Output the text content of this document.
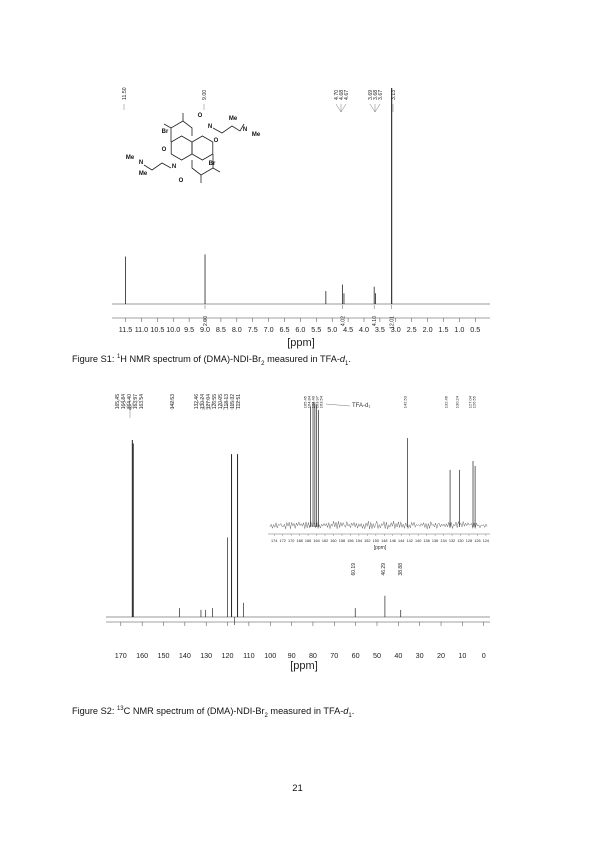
O
O
O
O
N
N
Br
Br
N
Me
Me
N
Me
Me
11.50	9.00	4.70 4.68 4.67	3.69 3.68 3.67 3.13
2.00	4.02	4.10 12.01
11.5 11.0 10.5 10.0 9.5 9.0 8.5 8.0 7.5 7.0 6.5 6.0 5.5 5.0 4.5 4.0 3.5 3.0 2.5 2.0 1.5 1.0 0.5
[ppm]
165.45 164.84 164.40 163.97 163.54	142.53	132.46 130.24 127.04 126.55 120.05 118.13 115.32 112.51
60.19	46.29 38.88
170 160 150 140 130 120 110 100 90 80 70 60 50 40 30 20 10 0
[ppm]
165.45 164.84 164.40 163.97 163.54	142.53	132.46 130.24 127.04 126.55
174 172 170 168 166 164 162 160 158 156 154 152 150 148 146 144 142 140 138 136 134 132 130 128 126 124
[ppm]
TFA-d₁
Figure S1: $^1$H NMR spectrum of $(DMA)-NDI-Br_2$ measured in TFA-$d_1$.
Figure S2: $^{13}$C NMR spectrum of $(DMA)-NDI-Br_2$ measured in TFA-$d_1$.
21
